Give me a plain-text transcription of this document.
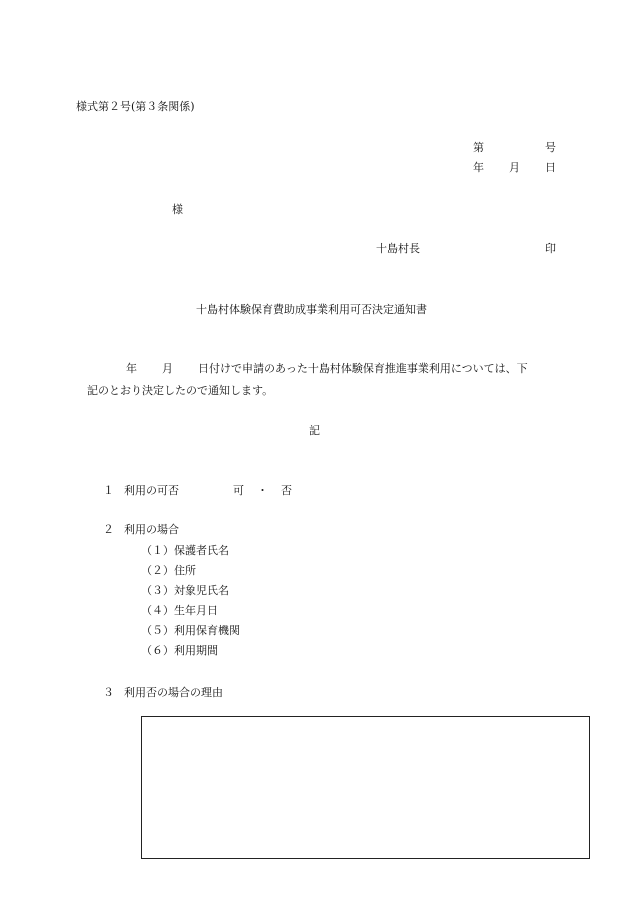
様式第２号(第３条関係)
第	号
年 月 日
様
十島村長	印
十島村体験保育費助成事業利用可否決定通知書
年 月 日付けで申請のあった十島村体験保育推進事業利用については、下
記のとおり決定したので通知します。
記
１ 利用の可否	可 ・ 否
２ 利用の場合
（１）保護者氏名
（２）住所
（３）対象児氏名
（４）生年月日
（５）利用保育機関
（６）利用期間
３ 利用否の場合の理由
